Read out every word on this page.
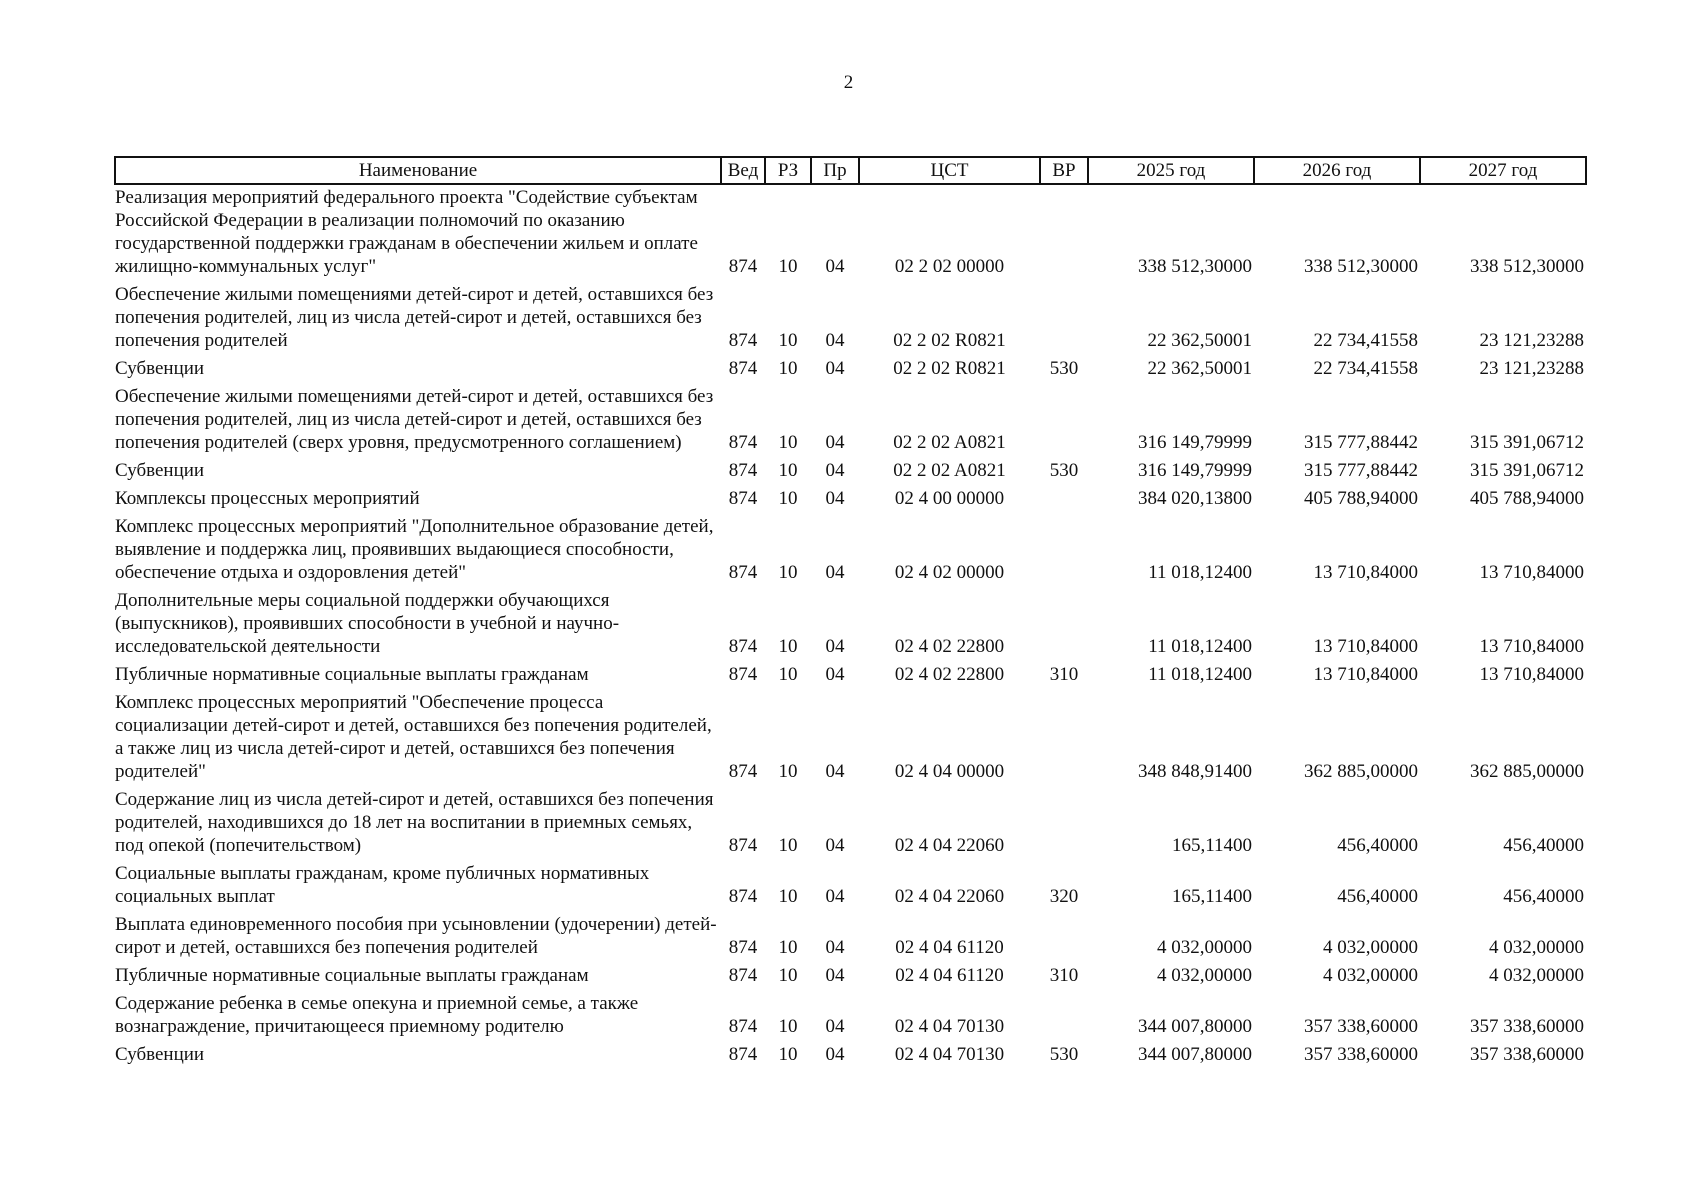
2
Наименование	Вед	РЗ	Пр	ЦСТ	ВР	2025 год	2026 год	2027 год
Реализация мероприятий федерального проекта "Содействие субъектам Российской Федерации в реализации полномочий по оказанию государственной поддержки гражданам в обеспечении жильем и оплате жилищно-коммунальных услуг"	874	10	04	02 2 02 00000		338 512,30000	338 512,30000	338 512,30000
Обеспечение жилыми помещениями детей-сирот и детей, оставшихся без попечения родителей, лиц из числа детей-сирот и детей, оставшихся без попечения родителей	874	10	04	02 2 02 R0821		22 362,50001	22 734,41558	23 121,23288
Субвенции	874	10	04	02 2 02 R0821	530	22 362,50001	22 734,41558	23 121,23288
Обеспечение жилыми помещениями детей-сирот и детей, оставшихся без попечения родителей, лиц из числа детей-сирот и детей, оставшихся без попечения родителей (сверх уровня, предусмотренного соглашением)	874	10	04	02 2 02 A0821		316 149,79999	315 777,88442	315 391,06712
Субвенции	874	10	04	02 2 02 A0821	530	316 149,79999	315 777,88442	315 391,06712
Комплексы процессных мероприятий	874	10	04	02 4 00 00000		384 020,13800	405 788,94000	405 788,94000
Комплекс процессных мероприятий "Дополнительное образование детей, выявление и поддержка лиц, проявивших выдающиеся способности, обеспечение отдыха и оздоровления детей"	874	10	04	02 4 02 00000		11 018,12400	13 710,84000	13 710,84000
Дополнительные меры социальной поддержки обучающихся (выпускников), проявивших способности в учебной и научно-исследовательской деятельности	874	10	04	02 4 02 22800		11 018,12400	13 710,84000	13 710,84000
Публичные нормативные социальные выплаты гражданам	874	10	04	02 4 02 22800	310	11 018,12400	13 710,84000	13 710,84000
Комплекс процессных мероприятий "Обеспечение процесса социализации детей-сирот и детей, оставшихся без попечения родителей, а также лиц из числа детей-сирот и детей, оставшихся без попечения родителей"	874	10	04	02 4 04 00000		348 848,91400	362 885,00000	362 885,00000
Содержание лиц из числа детей-сирот и детей, оставшихся без попечения родителей, находившихся до 18 лет на воспитании в приемных семьях, под опекой (попечительством)	874	10	04	02 4 04 22060		165,11400	456,40000	456,40000
Социальные выплаты гражданам, кроме публичных нормативных социальных выплат	874	10	04	02 4 04 22060	320	165,11400	456,40000	456,40000
Выплата единовременного пособия при усыновлении (удочерении) детей-сирот и детей, оставшихся без попечения родителей	874	10	04	02 4 04 61120		4 032,00000	4 032,00000	4 032,00000
Публичные нормативные социальные выплаты гражданам	874	10	04	02 4 04 61120	310	4 032,00000	4 032,00000	4 032,00000
Содержание ребенка в семье опекуна и приемной семье, а также вознаграждение, причитающееся приемному родителю	874	10	04	02 4 04 70130		344 007,80000	357 338,60000	357 338,60000
Субвенции	874	10	04	02 4 04 70130	530	344 007,80000	357 338,60000	357 338,60000
